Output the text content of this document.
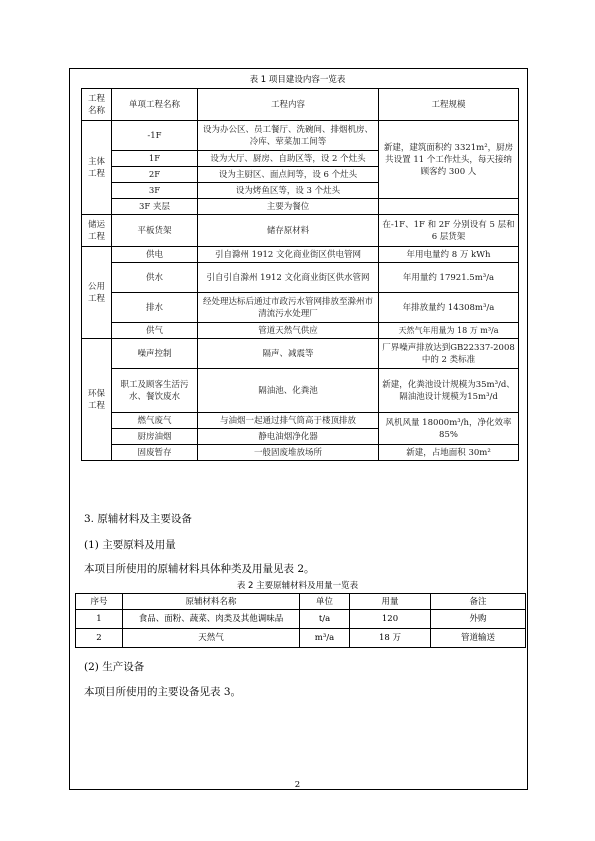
表 1 项目建设内容一览表
工程名称	单项工程名称	工程内容	工程规模
主体工程	-1F	设为办公区、员工餐厅、洗碗间、排烟机房、冷库、荤菜加工间等	新建，建筑面积约 3321m²，厨房共设置 11 个工作灶头，每天接纳顾客约 300 人
	1F	设为大厅、厨房、自助区等，设 2 个灶头	
	2F	设为主厨区、面点间等，设 6 个灶头	
	3F	设为烤鱼区等，设 3 个灶头	
	3F 夹层	主要为餐位	
储运工程	平板货架	储存原材料	在-1F、1F 和 2F 分别设有 5 层和 6 层货架
公用工程	供电	引自滁州 1912 文化商业街区供电管网	年用电量约 8 万 kWh
	供水	引自引自滁州 1912 文化商业街区供水管网	年用量约 17921.5m³/a
	排水	经处理达标后通过市政污水管网排放至滁州市清流污水处理厂	年排放量约 14308m³/a
	供气	管道天然气供应	天然气年用量为 18 万 m³/a
环保工程	噪声控制	隔声、减震等	厂界噪声排放达到GB22337-2008 中的 2 类标准
	职工及顾客生活污水、餐饮废水	隔油池、化粪池	新建，化粪池设计规模为35m³/d、隔油池设计规模为15m³/d
	燃气废气	与油烟一起通过排气筒高于楼顶排放	风机风量 18000m³/h，净化效率 85%
	厨房油烟	静电油烟净化器	
	固废暂存	一般固废堆放场所	新建，占地面积 30m²
3. 原辅材料及主要设备
(1) 主要原料及用量
本项目所使用的原辅材料具体种类及用量见表 2。
表 2 主要原辅材料及用量一览表
序号	原辅材料名称	单位	用量	备注
1	食品、面粉、蔬菜、肉类及其他调味品	t/a	120	外购
2	天然气	m³/a	18 万	管道输送
(2) 生产设备
本项目所使用的主要设备见表 3。
2
